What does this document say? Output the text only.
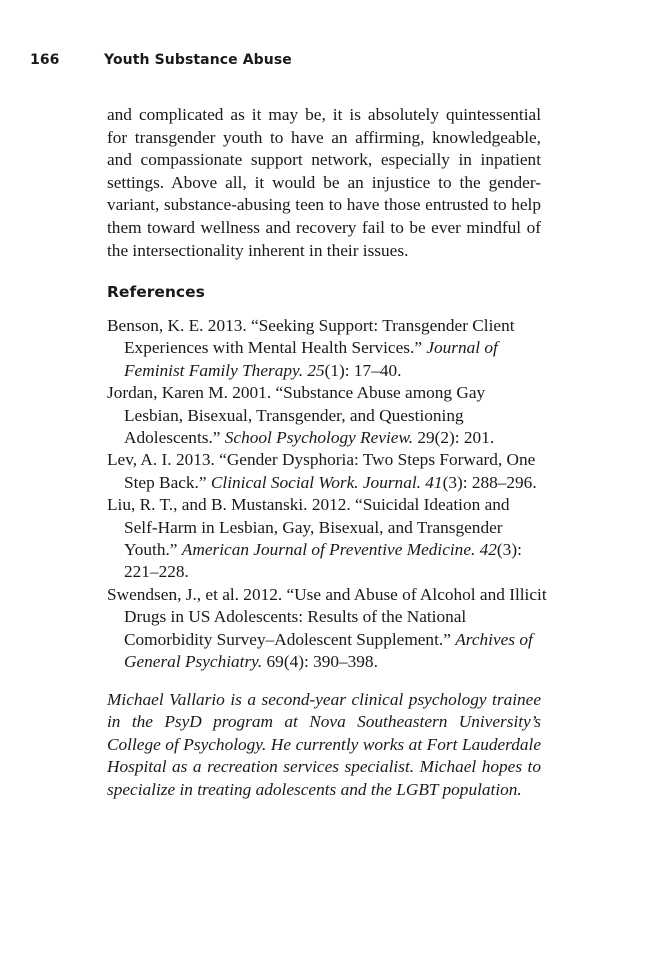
166	Youth Substance Abuse

and complicated as it may be, it is absolutely quintessential for transgender youth to have an affirming, knowledgeable, and compassionate support network, especially in inpatient settings. Above all, it would be an injustice to the gender-variant, substance-abusing teen to have those entrusted to help them toward wellness and recovery fail to be ever mindful of the intersectionality inherent in their issues.

References
Benson, K. E. 2013. “Seeking Support: Transgender Client Experiences with Mental Health Services.” Journal of Feminist Family Therapy. 25(1): 17–40.
Jordan, Karen M. 2001. “Substance Abuse among Gay Lesbian, Bisexual, Transgender, and Questioning Adolescents.” School Psychology Review. 29(2): 201.
Lev, A. I. 2013. “Gender Dysphoria: Two Steps Forward, One Step Back.” Clinical Social Work. Journal. 41(3): 288–296.
Liu, R. T., and B. Mustanski. 2012. “Suicidal Ideation and Self-Harm in Lesbian, Gay, Bisexual, and Transgender Youth.” American Journal of Preventive Medicine. 42(3): 221–228.
Swendsen, J., et al. 2012. “Use and Abuse of Alcohol and Illicit Drugs in US Adolescents: Results of the National Comorbidity Survey–Adolescent Supplement.” Archives of General Psychiatry. 69(4): 390–398.

Michael Vallario is a second-year clinical psychology trainee in the PsyD program at Nova Southeastern University’s College of Psychology. He currently works at Fort Lauderdale Hospital as a recreation services specialist. Michael hopes to specialize in treating adolescents and the LGBT population.
